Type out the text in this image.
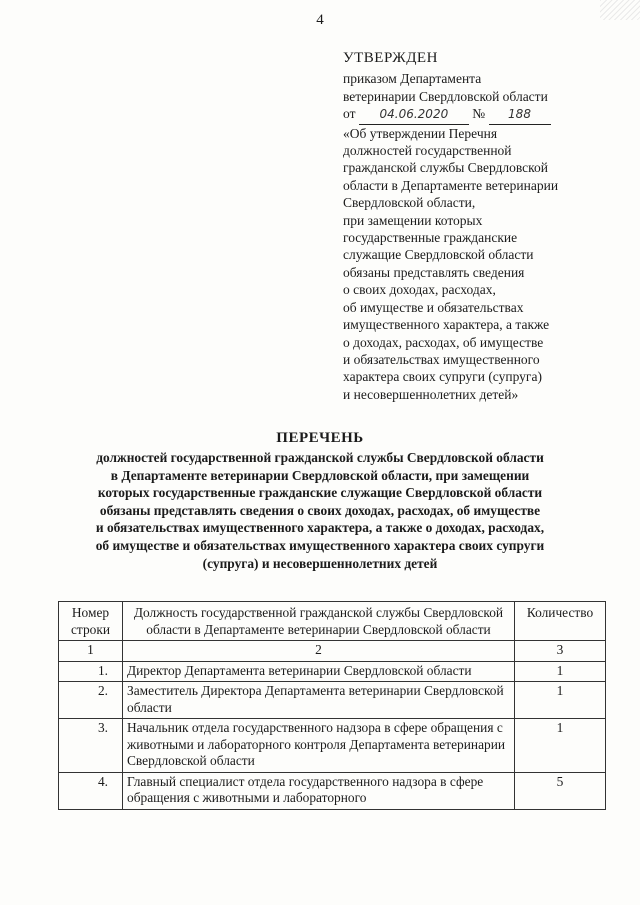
4
УТВЕРЖДЕН
приказом Департамента
ветеринарии Свердловской области
от 04.06.2020 № 188
«Об утверждении Перечня
должностей государственной
гражданской службы Свердловской
области в Департаменте ветеринарии
Свердловской области,
при замещении которых
государственные гражданские
служащие Свердловской области
обязаны представлять сведения
о своих доходах, расходах,
об имуществе и обязательствах
имущественного характера, а также
о доходах, расходах, об имуществе
и обязательствах имущественного
характера своих супруги (супруга)
и несовершеннолетних детей»
ПЕРЕЧЕНЬ
должностей государственной гражданской службы Свердловской области
в Департаменте ветеринарии Свердловской области, при замещении
которых государственные гражданские служащие Свердловской области
обязаны представлять сведения о своих доходах, расходах, об имуществе
и обязательствах имущественного характера, а также о доходах, расходах,
об имуществе и обязательствах имущественного характера своих супруги
(супруга) и несовершеннолетних детей
Номер строки	Должность государственной гражданской службы Свердловской области в Департаменте ветеринарии Свердловской области	Количество
1	2	3
1.	Директор Департамента ветеринарии Свердловской области	1
2.	Заместитель Директора Департамента ветеринарии Свердловской области	1
3.	Начальник отдела государственного надзора в сфере обращения с животными и лабораторного контроля Департамента ветеринарии Свердловской области	1
4.	Главный специалист отдела государственного надзора в сфере обращения с животными и лабораторного	5
